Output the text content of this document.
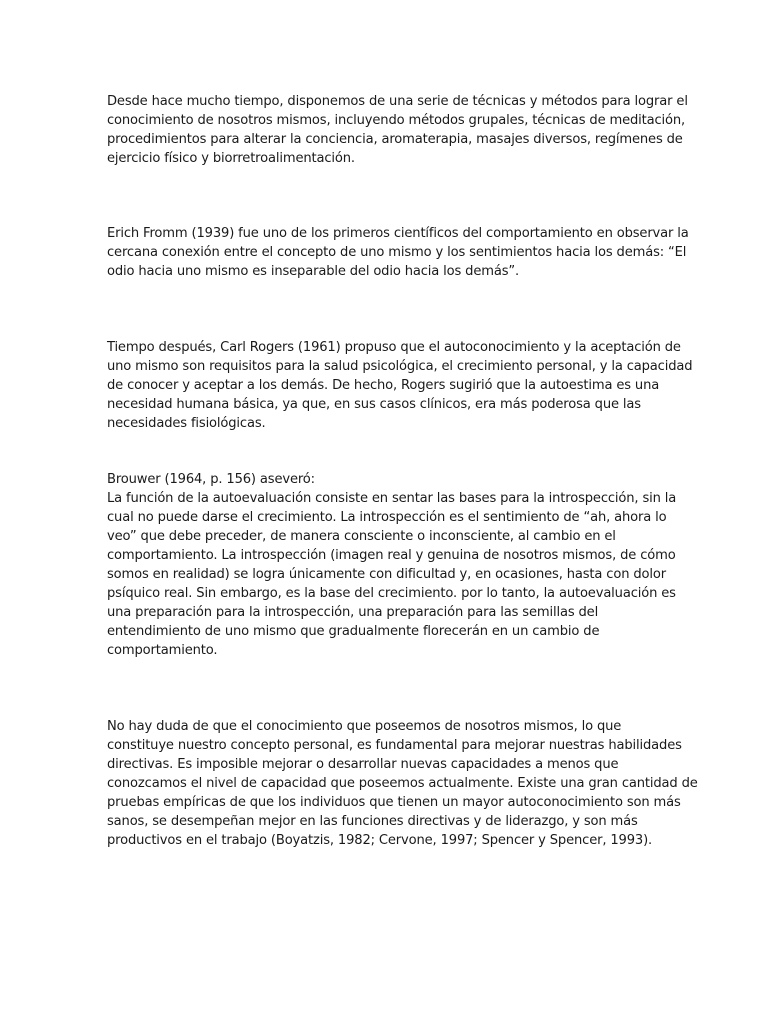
Desde hace mucho tiempo, disponemos de una serie de técnicas y métodos para lograr el
conocimiento de nosotros mismos, incluyendo métodos grupales, técnicas de meditación,
procedimientos para alterar la conciencia, aromaterapia, masajes diversos, regímenes de
ejercicio físico y biorretroalimentación.

Erich Fromm (1939) fue uno de los primeros científicos del comportamiento en observar la
cercana conexión entre el concepto de uno mismo y los sentimientos hacia los demás: “El
odio hacia uno mismo es inseparable del odio hacia los demás”.

Tiempo después, Carl Rogers (1961) propuso que el autoconocimiento y la aceptación de
uno mismo son requisitos para la salud psicológica, el crecimiento personal, y la capacidad
de conocer y aceptar a los demás. De hecho, Rogers sugirió que la autoestima es una
necesidad humana básica, ya que, en sus casos clínicos, era más poderosa que las
necesidades fisiológicas.

Brouwer (1964, p. 156) aseveró:
La función de la autoevaluación consiste en sentar las bases para la introspección, sin la
cual no puede darse el crecimiento. La introspección es el sentimiento de “ah, ahora lo
veo” que debe preceder, de manera consciente o inconsciente, al cambio en el
comportamiento. La introspección (imagen real y genuina de nosotros mismos, de cómo
somos en realidad) se logra únicamente con dificultad y, en ocasiones, hasta con dolor
psíquico real. Sin embargo, es la base del crecimiento. por lo tanto, la autoevaluación es
una preparación para la introspección, una preparación para las semillas del
entendimiento de uno mismo que gradualmente florecerán en un cambio de
comportamiento.

No hay duda de que el conocimiento que poseemos de nosotros mismos, lo que
constituye nuestro concepto personal, es fundamental para mejorar nuestras habilidades
directivas. Es imposible mejorar o desarrollar nuevas capacidades a menos que
conozcamos el nivel de capacidad que poseemos actualmente. Existe una gran cantidad de
pruebas empíricas de que los individuos que tienen un mayor autoconocimiento son más
sanos, se desempeñan mejor en las funciones directivas y de liderazgo, y son más
productivos en el trabajo (Boyatzis, 1982; Cervone, 1997; Spencer y Spencer, 1993).
